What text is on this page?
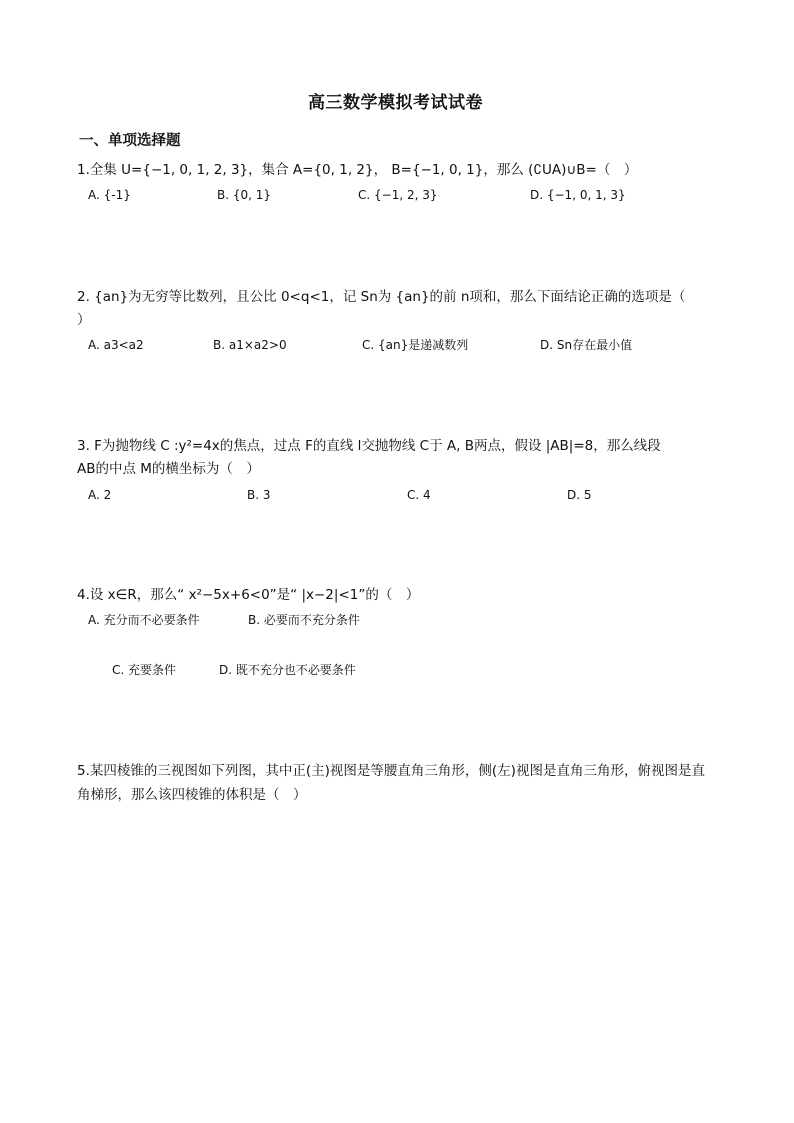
高三数学模拟考试试卷
一、单项选择题
1.全集 U={−1, 0, 1, 2, 3}，集合 A={0, 1, 2}， B={−1, 0, 1}，那么 (∁UA)∪B=（　）
A. {-1}	B. {0, 1}	C. {−1, 2, 3}	D. {−1, 0, 1, 3}
2. {an}为无穷等比数列，且公比 0<q<1，记 Sn为 {an}的前 n项和，那么下面结论正确的选项是（
）
A. a3<a2	B. a1×a2>0	C. {an}是递减数列	D. Sn存在最小值
3. F为抛物线 C :y²=4x的焦点，过点 F的直线 l交抛物线 C于 A, B两点，假设 |AB|=8，那么线段
AB的中点 M的横坐标为（　）
A. 2	B. 3	C. 4	D. 5
4.设 x∈R，那么“ x²−5x+6<0”是“ |x−2|<1”的（　）
A. 充分而不必要条件	B. 必要而不充分条件
C. 充要条件	D. 既不充分也不必要条件
5.某四棱锥的三视图如下列图，其中正(主)视图是等腰直角三角形，侧(左)视图是直角三角形，俯视图是直
角梯形，那么该四棱锥的体积是（　）
